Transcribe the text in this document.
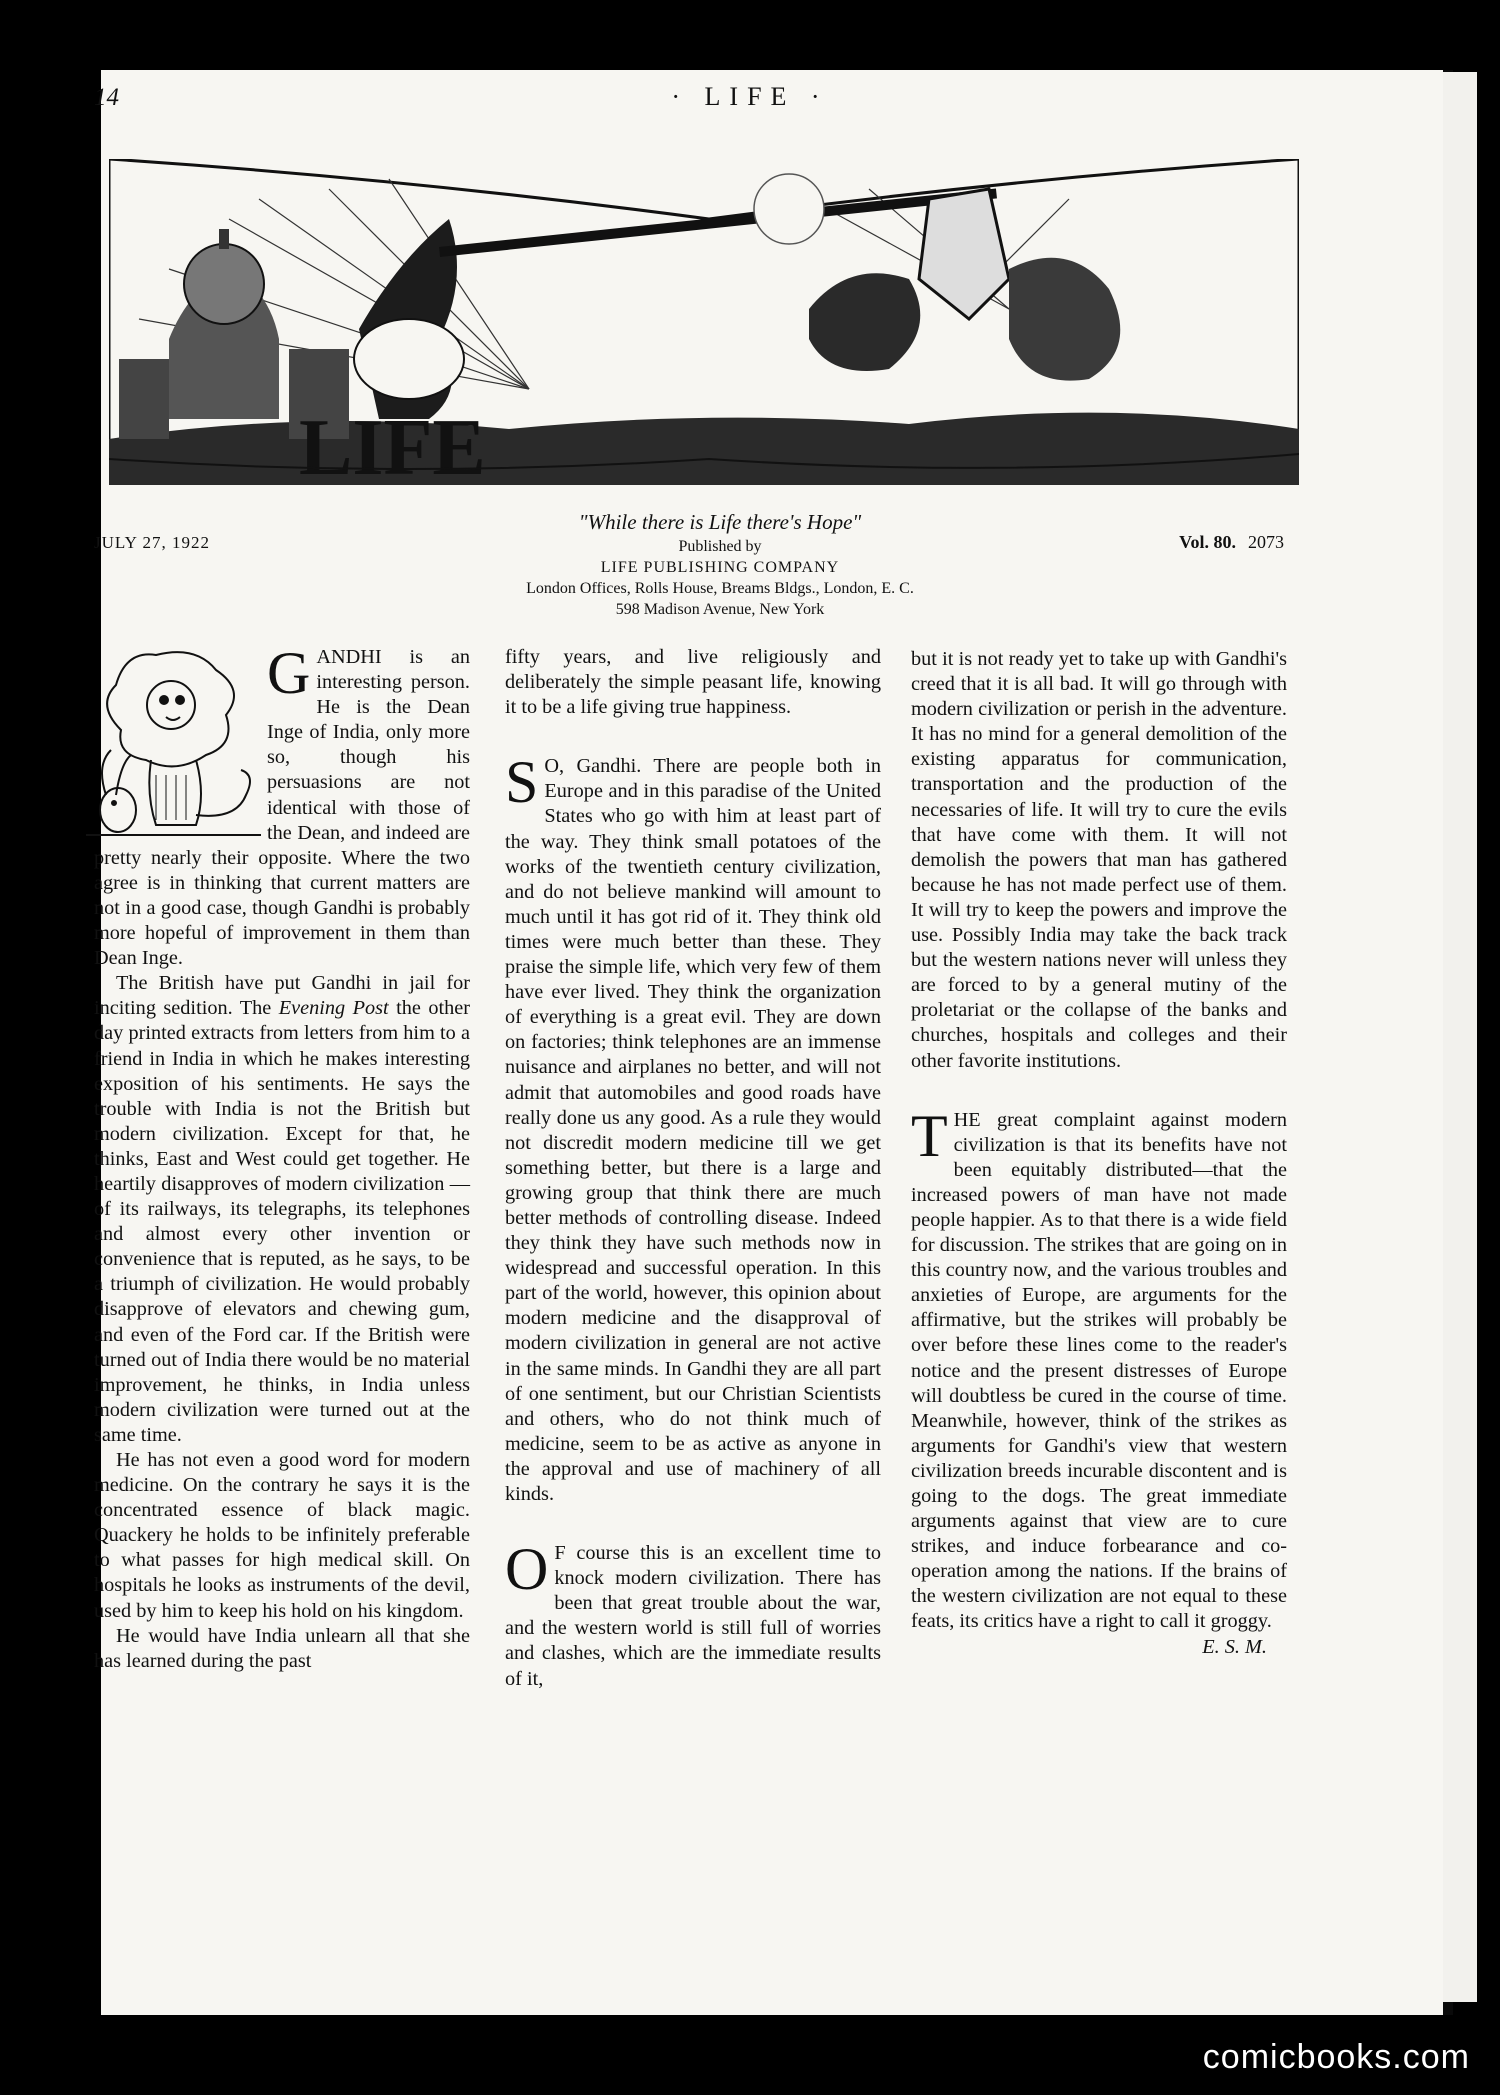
14	· LIFE ·
LIFE
JULY 27, 1922	Vol. 80. 2073
"While there is Life there's Hope"
Published by
LIFE PUBLISHING COMPANY
London Offices, Rolls House, Breams Bldgs., London, E. C.
598 Madison Avenue, New York

GANDHI is an interesting person. He is the Dean Inge of India, only more so, though his persuasions are not identical with those of the Dean, and indeed are pretty nearly their opposite. Where the two agree is in thinking that current matters are not in a good case, though Gandhi is probably more hopeful of improvement in them than Dean Inge.

The British have put Gandhi in jail for inciting sedition. The Evening Post the other day printed extracts from letters from him to a friend in India in which he makes interesting exposition of his sentiments. He says the trouble with India is not the British but modern civilization. Except for that, he thinks, East and West could get together. He heartily disapproves of modern civilization — of its railways, its telegraphs, its telephones and almost every other invention or convenience that is reputed, as he says, to be a triumph of civilization. He would probably disapprove of elevators and chewing gum, and even of the Ford car. If the British were turned out of India there would be no material improvement, he thinks, in India unless modern civilization were turned out at the same time.

He has not even a good word for modern medicine. On the contrary he says it is the concentrated essence of black magic. Quackery he holds to be infinitely preferable to what passes for high medical skill. On hospitals he looks as instruments of the devil, used by him to keep his hold on his kingdom.

He would have India unlearn all that she has learned during the past

fifty years, and live religiously and deliberately the simple peasant life, knowing it to be a life giving true happiness.

S O, Gandhi. There are people both in Europe and in this paradise of the United States who go with him at least part of the way. They think small potatoes of the works of the twentieth century civilization, and do not believe mankind will amount to much until it has got rid of it. They think old times were much better than these. They praise the simple life, which very few of them have ever lived. They think the organization of everything is a great evil. They are down on factories; think telephones are an immense nuisance and airplanes no better, and will not admit that automobiles and good roads have really done us any good. As a rule they would not discredit modern medicine till we get something better, but there is a large and growing group that think there are much better methods of controlling disease. Indeed they think they have such methods now in widespread and successful operation. In this part of the world, however, this opinion about modern medicine and the disapproval of modern civilization in general are not active in the same minds. In Gandhi they are all part of one sentiment, but our Christian Scientists and others, who do not think much of medicine, seem to be as active as anyone in the approval and use of machinery of all kinds.

O F course this is an excellent time to knock modern civilization. There has been that great trouble about the war, and the western world is still full of worries and clashes, which are the immediate results of it,

but it is not ready yet to take up with Gandhi's creed that it is all bad. It will go through with modern civilization or perish in the adventure. It has no mind for a general demolition of the existing apparatus for communication, transportation and the production of the necessaries of life. It will try to cure the evils that have come with them. It will not demolish the powers that man has gathered because he has not made perfect use of them. It will try to keep the powers and improve the use. Possibly India may take the back track but the western nations never will unless they are forced to by a general mutiny of the proletariat or the collapse of the banks and churches, hospitals and colleges and their other favorite institutions.

THE great complaint against modern civilization is that its benefits have not been equitably distributed—that the increased powers of man have not made people happier. As to that there is a wide field for discussion. The strikes that are going on in this country now, and the various troubles and anxieties of Europe, are arguments for the affirmative, but the strikes will probably be over before these lines come to the reader's notice and the present distresses of Europe will doubtless be cured in the course of time. Meanwhile, however, think of the strikes as arguments for Gandhi's view that western civilization breeds incurable discontent and is going to the dogs. The great immediate arguments against that view are to cure strikes, and induce forbearance and co-operation among the nations. If the brains of the western civilization are not equal to these feats, its critics have a right to call it groggy.

E. S. M.
comicbooks.com
